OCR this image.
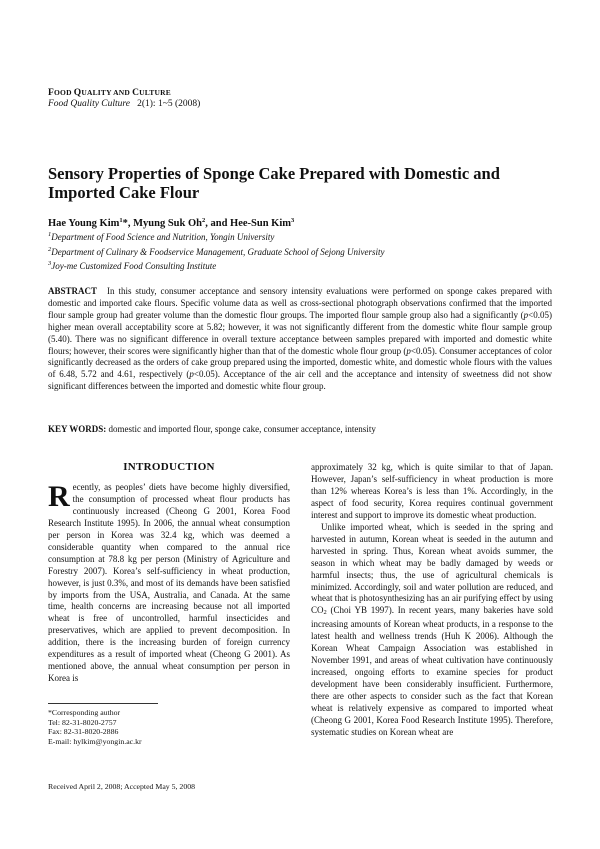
FOOD QUALITY AND CULTURE
Food Quality Culture 2(1): 1~5 (2008)
Sensory Properties of Sponge Cake Prepared with Domestic and Imported Cake Flour
Hae Young Kim$^1$*, Myung Suk Oh$^2$, and Hee-Sun Kim$^3$
$^1$Department of Food Science and Nutrition, Yongin University
$^2$Department of Culinary & Foodservice Management, Graduate School of Sejong University
$^3$Joy-me Customized Food Consulting Institute
ABSTRACT In this study, consumer acceptance and sensory intensity evaluations were performed on sponge cakes prepared with domestic and imported cake flours. Specific volume data as well as cross-sectional photograph observations confirmed that the imported flour sample group had greater volume than the domestic flour groups. The imported flour sample group also had a significantly (p<0.05) higher mean overall acceptability score at 5.82; however, it was not significantly different from the domestic white flour sample group (5.40). There was no significant difference in overall texture acceptance between samples prepared with imported and domestic white flours; however, their scores were significantly higher than that of the domestic whole flour group (p<0.05). Consumer acceptances of color significantly decreased as the orders of cake group prepared using the imported, domestic white, and domestic whole flours with the values of 6.48, 5.72 and 4.61, respectively (p<0.05). Acceptance of the air cell and the acceptance and intensity of sweetness did not show significant differences between the imported and domestic white flour group.
KEY WORDS: domestic and imported flour, sponge cake, consumer acceptance, intensity
INTRODUCTION

Recently, as peoples’ diets have become highly diversified, the consumption of processed wheat flour products has continuously increased (Cheong G 2001, Korea Food Research Institute 1995). In 2006, the annual wheat consumption per person in Korea was 32.4 kg, which was deemed a considerable quantity when compared to the annual rice consumption at 78.8 kg per person (Ministry of Agriculture and Forestry 2007). Korea’s self-sufficiency in wheat production, however, is just 0.3%, and most of its demands have been satisfied by imports from the USA, Australia, and Canada. At the same time, health concerns are increasing because not all imported wheat is free of uncontrolled, harmful insecticides and preservatives, which are applied to prevent decomposition. In addition, there is the increasing burden of foreign currency expenditures as a result of imported wheat (Cheong G 2001). As mentioned above, the annual wheat consumption per person in Korea is

approximately 32 kg, which is quite similar to that of Japan. However, Japan’s self-sufficiency in wheat production is more than 12% whereas Korea’s is less than 1%. Accordingly, in the aspect of food security, Korea requires continual government interest and support to improve its domestic wheat production.

Unlike imported wheat, which is seeded in the spring and harvested in autumn, Korean wheat is seeded in the autumn and harvested in spring. Thus, Korean wheat avoids summer, the season in which wheat may be badly damaged by weeds or harmful insects; thus, the use of agricultural chemicals is minimized. Accordingly, soil and water pollution are reduced, and wheat that is photosynthesizing has an air purifying effect by using CO2 (Choi YB 1997). In recent years, many bakeries have sold increasing amounts of Korean wheat products, in a response to the latest health and wellness trends (Huh K 2006). Although the Korean Wheat Campaign Association was established in November 1991, and areas of wheat cultivation have continuously increased, ongoing efforts to examine species for product development have been considerably insufficient. Furthermore, there are other aspects to consider such as the fact that Korean wheat is relatively expensive as compared to imported wheat (Cheong G 2001, Korea Food Research Institute 1995). Therefore, systematic studies on Korean wheat are

*Corresponding author
Tel: 82-31-8020-2757
Fax: 82-31-8020-2886
E-mail: hylkim@yongin.ac.kr
Received April 2, 2008; Accepted May 5, 2008
